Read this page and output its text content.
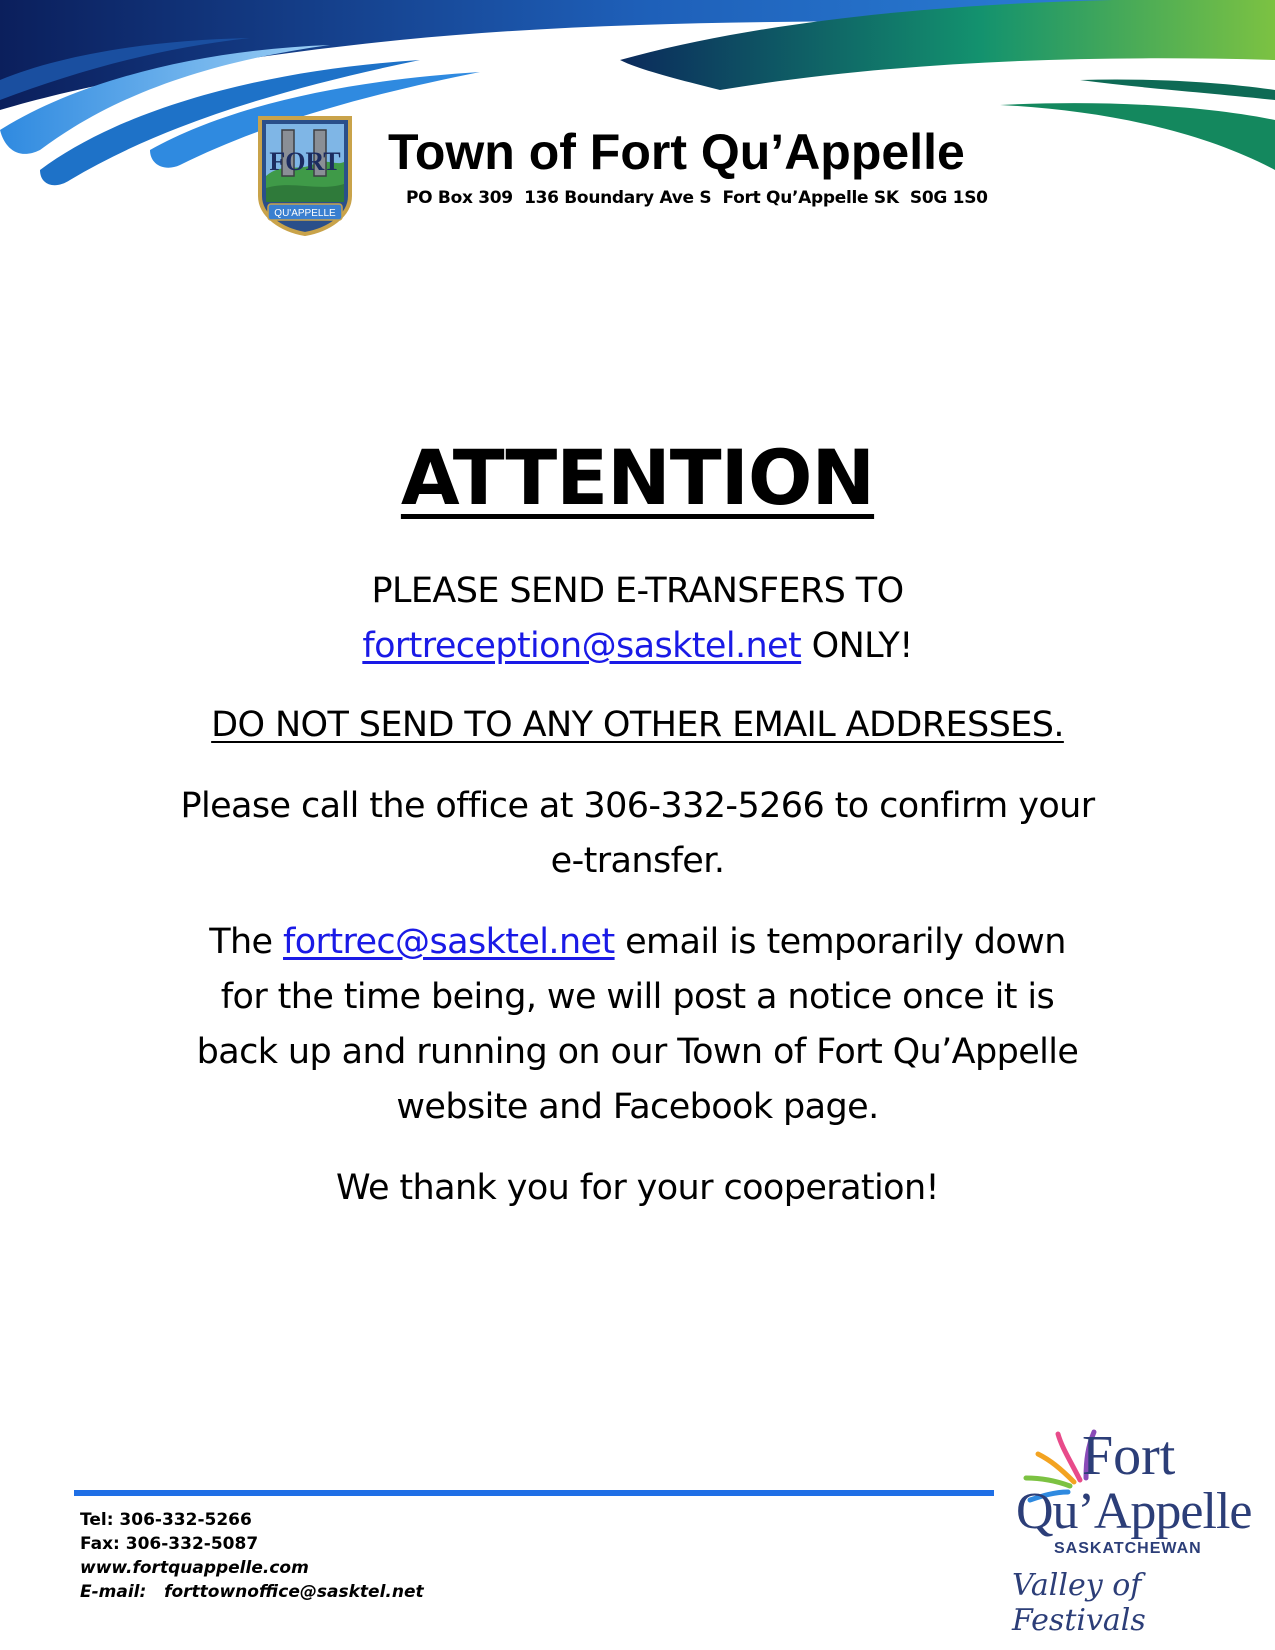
FORT
QU'APPELLE
Town of Fort Qu’Appelle
PO Box 309  136 Boundary Ave S  Fort Qu’Appelle SK  S0G 1S0
ATTENTION

PLEASE SEND E-TRANSFERS TO
fortreception@sasktel.net ONLY!

DO NOT SEND TO ANY OTHER EMAIL ADDRESSES.

Please call the office at 306-332-5266 to confirm your
e-transfer.

The fortrec@sasktel.net email is temporarily down
for the time being, we will post a notice once it is
back up and running on our Town of Fort Qu’Appelle
website and Facebook page.

We thank you for your cooperation!

Tel: 306-332-5266
Fax: 306-332-5087
www.fortquappelle.com
E-mail: forttownoffice@sasktel.net
Fort
Qu’Appelle
SASKATCHEWAN
Valley of Festivals
